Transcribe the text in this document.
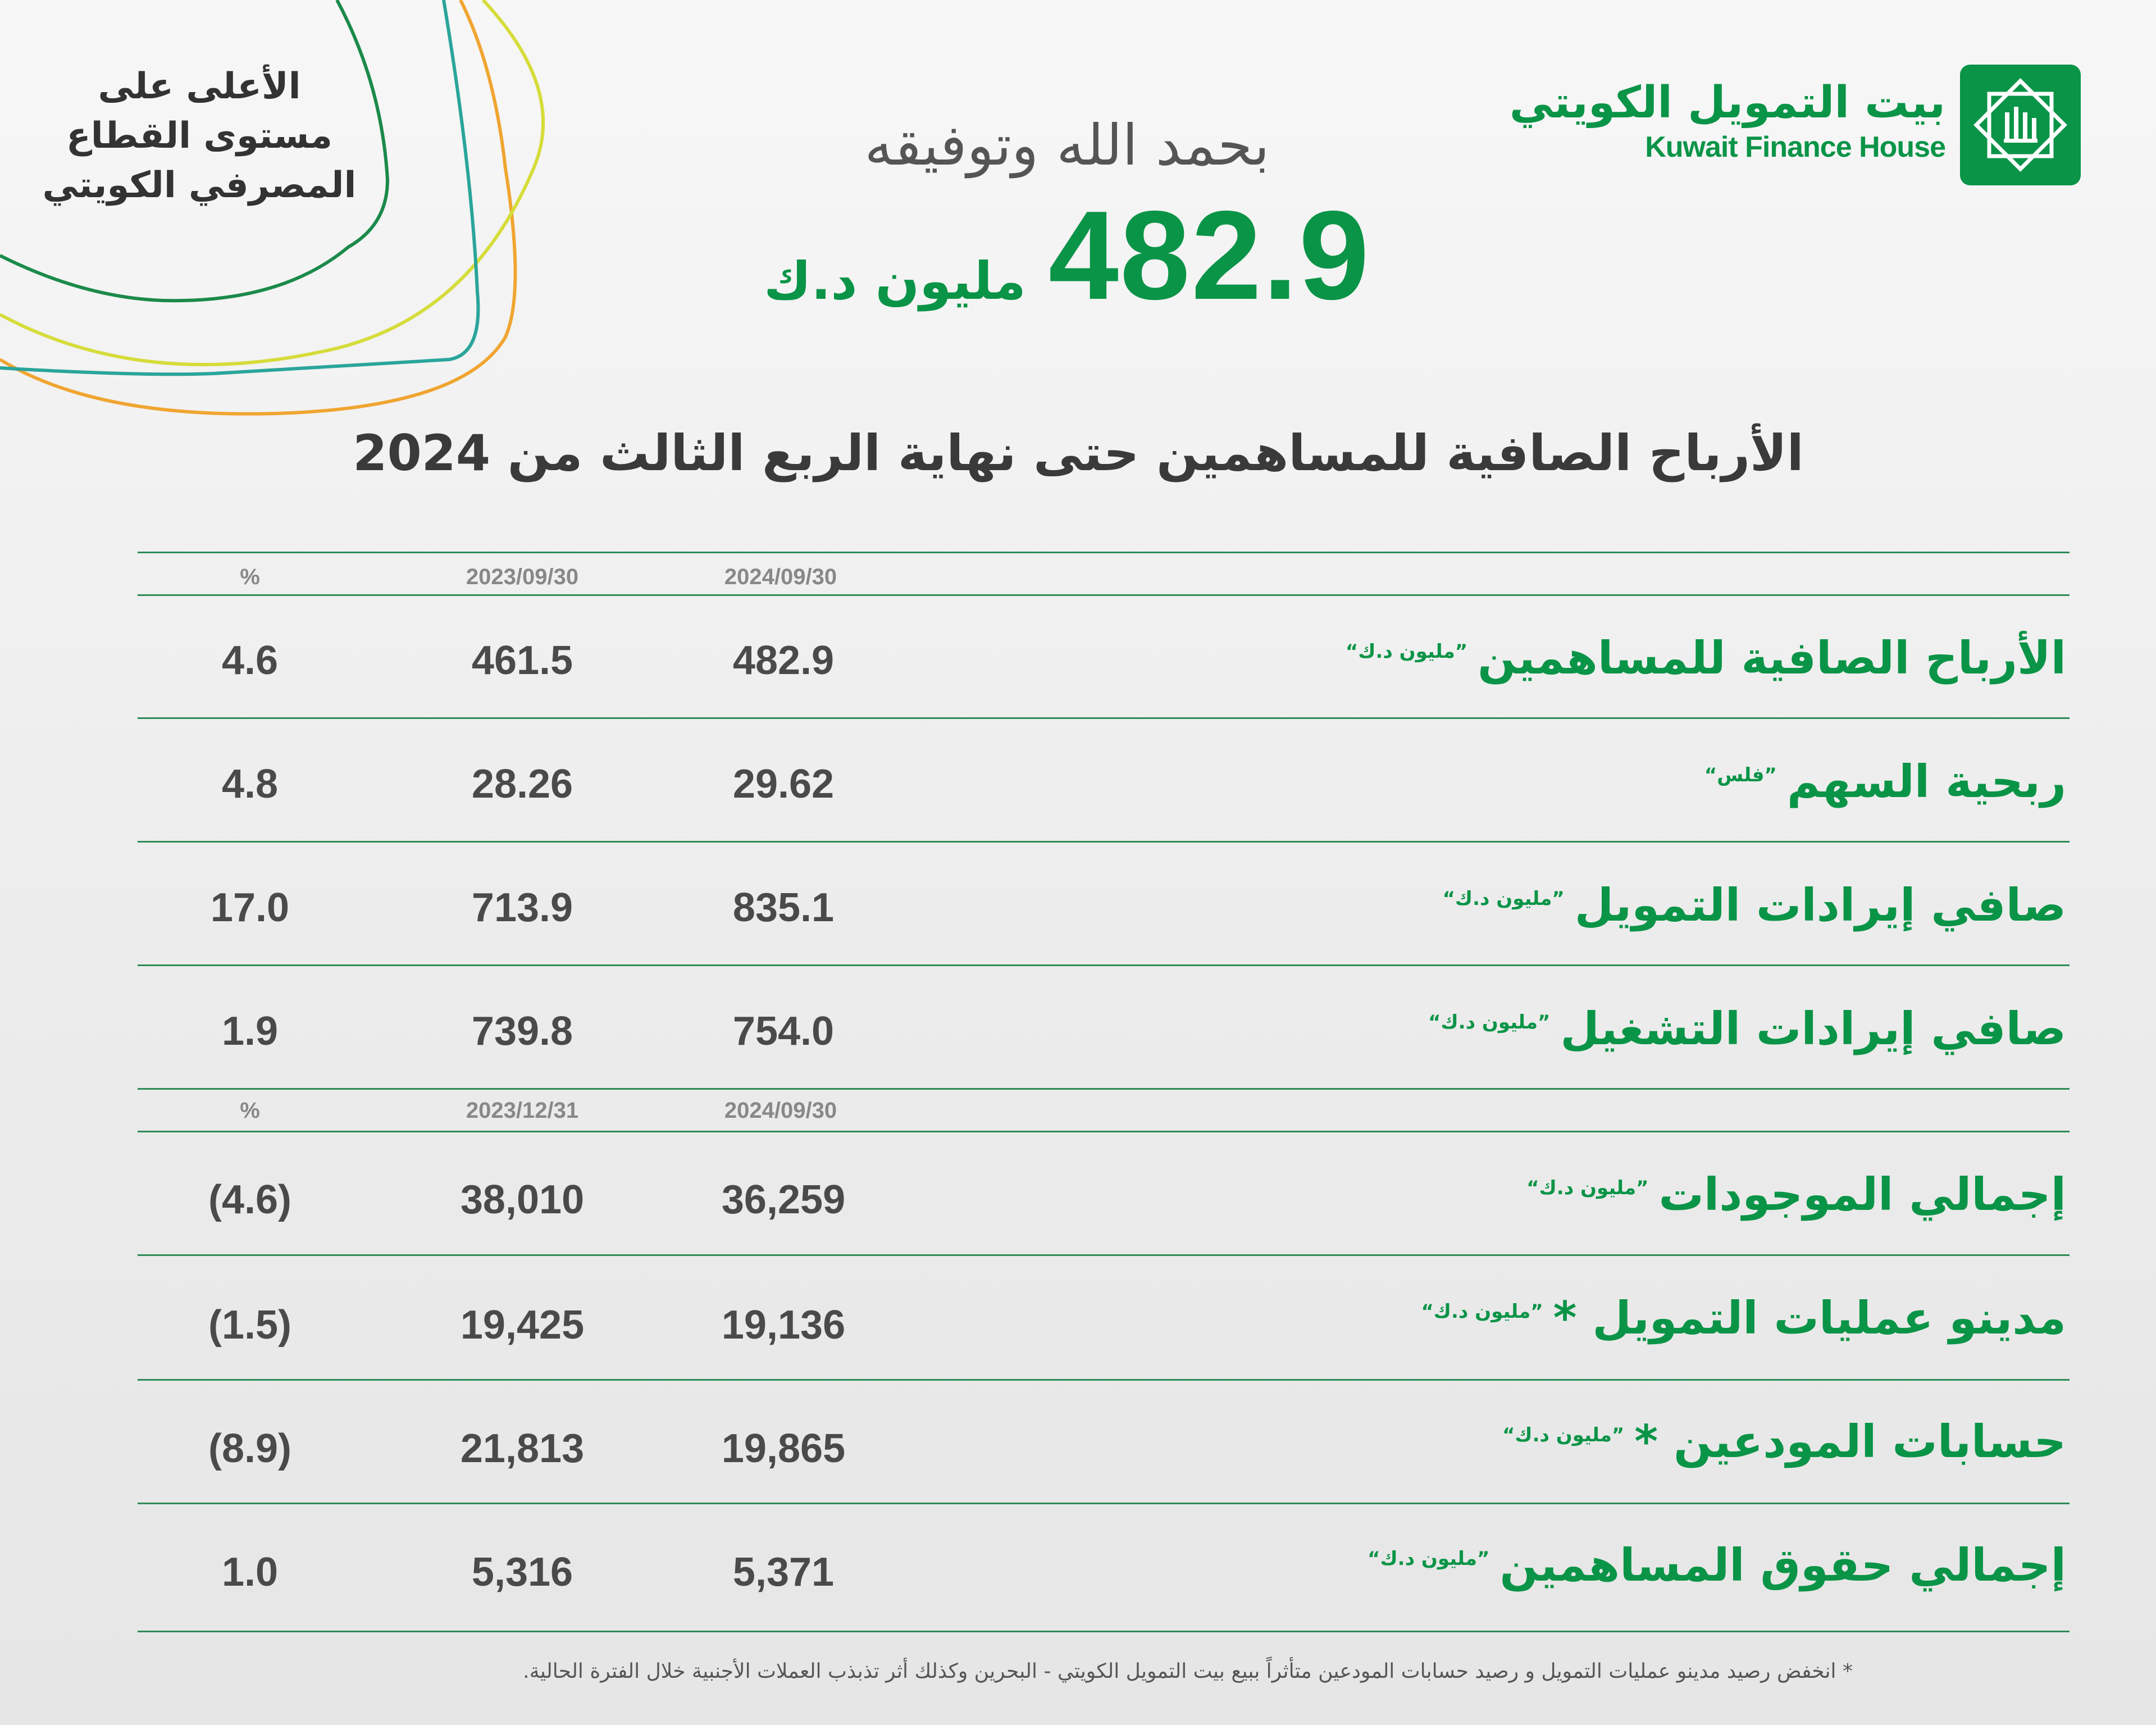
بيت التمويل الكويتي
Kuwait Finance House
الأعلى على
مستوى القطاع
المصرفي الكويتي
بحمد الله وتوفيقه
مليون د.ك 482.9
الأرباح الصافية للمساهمين حتى نهاية الربع الثالث من 2024
2024/09/30
2023/09/30
%
الأرباح الصافية للمساهمين$^{”مليون د.ك“}$
482.9
461.5
4.6
ربحية السهم$^{”فلس“}$
29.62
28.26
4.8
صافي إيرادات التمويل$^{”مليون د.ك“}$
835.1
713.9
17.0
صافي إيرادات التشغيل$^{”مليون د.ك“}$
754.0
739.8
1.9
2024/09/30
2023/12/31
%
إجمالي الموجودات$^{”مليون د.ك“}$
36,259
38,010
(4.6)
مدينو عمليات التمويل *$^{”مليون د.ك“}$
19,136
19,425
(1.5)
حسابات المودعين *$^{”مليون د.ك“}$
19,865
21,813
(8.9)
إجمالي حقوق المساهمين$^{”مليون د.ك“}$
5,371
5,316
1.0
* انخفض رصيد مدينو عمليات التمويل و رصيد حسابات المودعين متأثراً ببيع بيت التمويل الكويتي - البحرين وكذلك أثر تذبذب العملات الأجنبية خلال الفترة الحالية.
